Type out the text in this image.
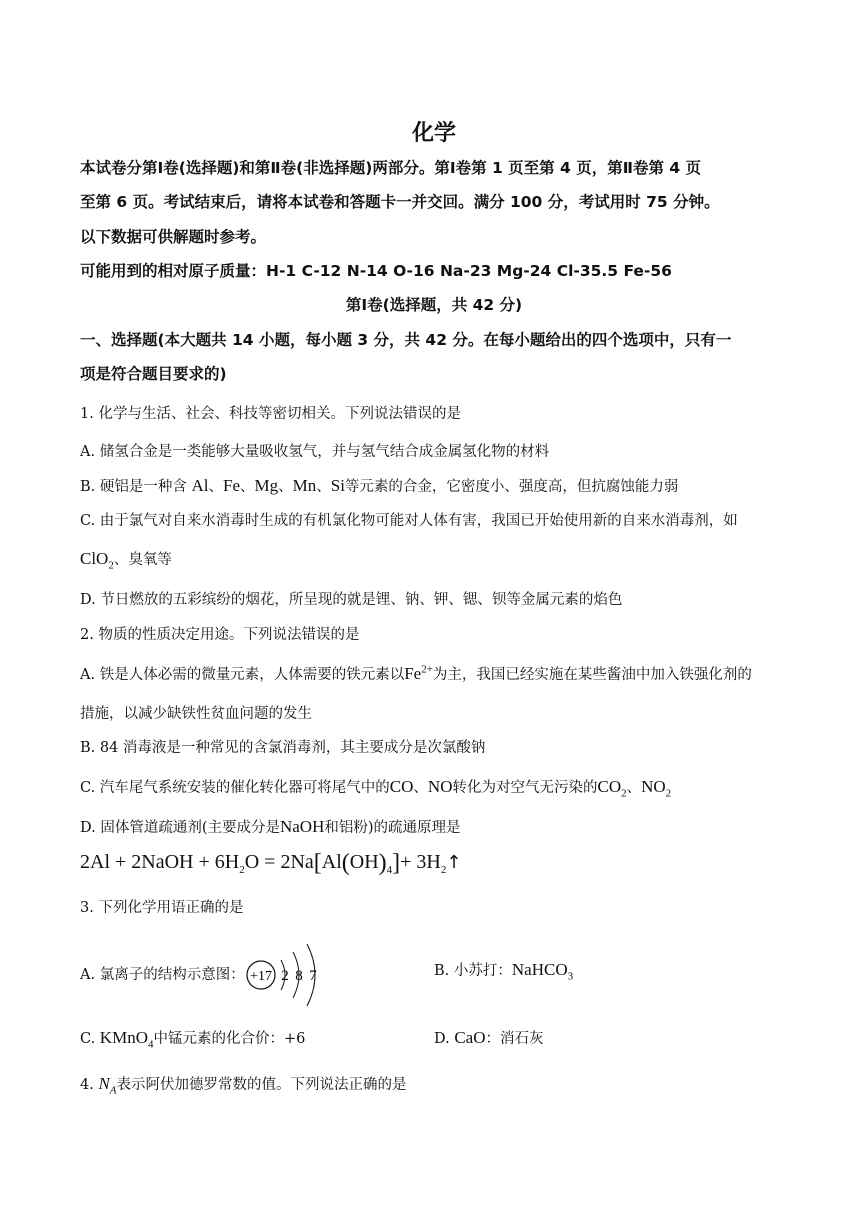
化学
本试卷分第Ⅰ卷(选择题)和第Ⅱ卷(非选择题)两部分。第Ⅰ卷第 1 页至第 4 页，第Ⅱ卷第 4 页
至第 6 页。考试结束后，请将本试卷和答题卡一并交回。满分 100 分，考试用时 75 分钟。
以下数据可供解题时参考。
可能用到的相对原子质量：H-1 C-12 N-14 O-16 Na-23 Mg-24 Cl-35.5 Fe-56
第Ⅰ卷(选择题，共 42 分)
一、选择题(本大题共 14 小题，每小题 3 分，共 42 分。在每小题给出的四个选项中，只有一
项是符合题目要求的)
1. 化学与生活、社会、科技等密切相关。下列说法错误的是
A. 储氢合金是一类能够大量吸收氢气，并与氢气结合成金属氢化物的材料
B. 硬铝是一种含 Al、Fe、Mg、Mn、Si等元素的合金，它密度小、强度高，但抗腐蚀能力弱
C. 由于氯气对自来水消毒时生成的有机氯化物可能对人体有害，我国已开始使用新的自来水消毒剂，如
ClO$_2$、臭氧等
D. 节日燃放的五彩缤纷的烟花，所呈现的就是锂、钠、钾、锶、钡等金属元素的焰色
2. 物质的性质决定用途。下列说法错误的是
A. 铁是人体必需的微量元素，人体需要的铁元素以$Fe^{2+}$为主，我国已经实施在某些酱油中加入铁强化剂的
措施，以减少缺铁性贫血问题的发生
B. 84 消毒液是一种常见的含氯消毒剂，其主要成分是次氯酸钠
C. 汽车尾气系统安装的催化转化器可将尾气中的CO、NO转化为对空气无污染的$CO_2$、$NO_2$
D. 固体管道疏通剂(主要成分是NaOH和铝粉)的疏通原理是
2Al + 2NaOH + $6H_2O = 2Na[Al(OH)_4]+$ $3H_2↑$
3. 下列化学用语正确的是
A. 氯离子的结构示意图： +17 2 8 7	B. 小苏打：NaHCO$_3$
C. KMnO$_4$中锰元素的化合价：+6	D. CaO：消石灰
4. $N_A$表示阿伏加德罗常数的值。下列说法正确的是
